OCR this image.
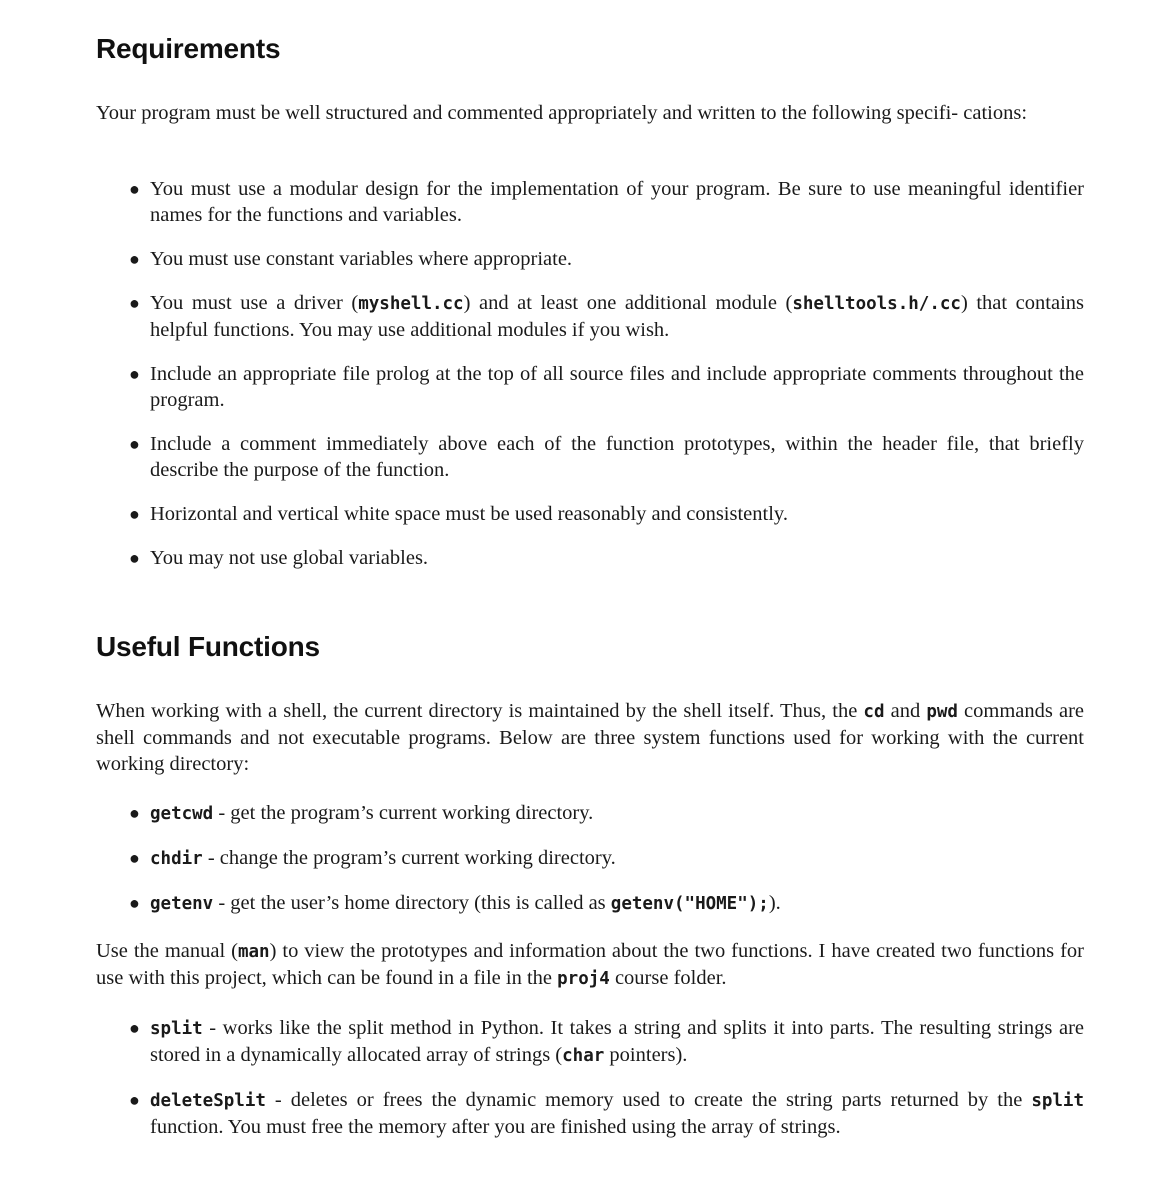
Requirements

Your program must be well structured and commented appropriately and written to the following specifi- cations:

● You must use a modular design for the implementation of your program. Be sure to use meaningful identifier names for the functions and variables.
● You must use constant variables where appropriate.
● You must use a driver (myshell.cc) and at least one additional module (shelltools.h/.cc) that contains helpful functions. You may use additional modules if you wish.
● Include an appropriate file prolog at the top of all source files and include appropriate comments throughout the program.
● Include a comment immediately above each of the function prototypes, within the header file, that briefly describe the purpose of the function.
● Horizontal and vertical white space must be used reasonably and consistently.
● You may not use global variables.
Useful Functions

When working with a shell, the current directory is maintained by the shell itself. Thus, the cd and pwd commands are shell commands and not executable programs. Below are three system functions used for working with the current working directory:

● getcwd - get the program’s current working directory.
● chdir - change the program’s current working directory.
● getenv - get the user’s home directory (this is called as getenv("HOME");).

Use the manual (man) to view the prototypes and information about the two functions. I have created two functions for use with this project, which can be found in a file in the proj4 course folder.

● split - works like the split method in Python. It takes a string and splits it into parts. The resulting strings are stored in a dynamically allocated array of strings (char pointers).
● deleteSplit - deletes or frees the dynamic memory used to create the string parts returned by the split function. You must free the memory after you are finished using the array of strings.
